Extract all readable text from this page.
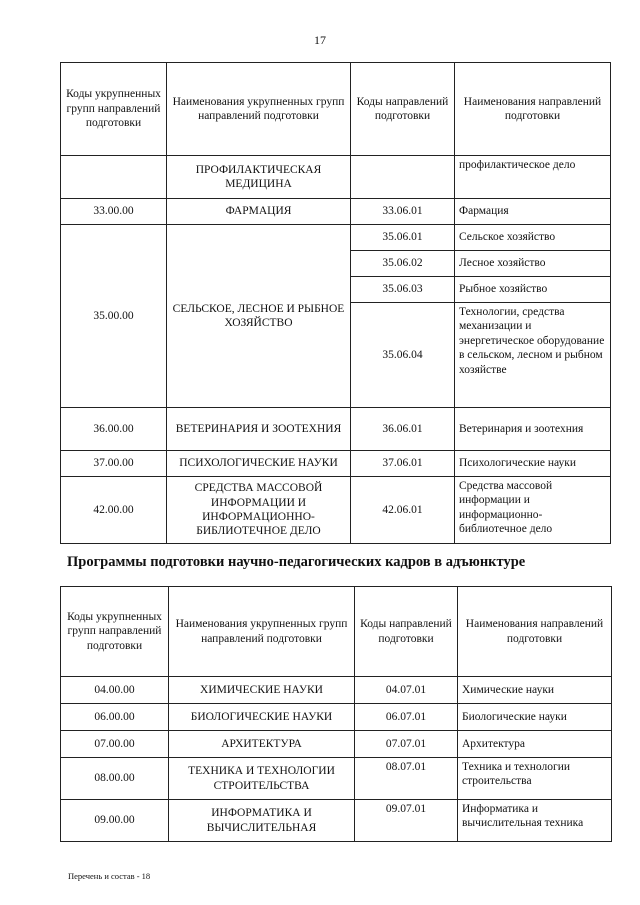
17
Коды укрупненных групп направлений подготовки	Наименования укрупненных групп направлений подготовки	Коды направлений подготовки	Наименования направлений подготовки
	ПРОФИЛАКТИЧЕСКАЯ МЕДИЦИНА		профилактическое дело
33.00.00	ФАРМАЦИЯ	33.06.01	Фармация
35.00.00	СЕЛЬСКОЕ, ЛЕСНОЕ И РЫБНОЕ ХОЗЯЙСТВО	35.06.01	Сельское хозяйство
		35.06.02	Лесное хозяйство
		35.06.03	Рыбное хозяйство
		35.06.04	Технологии, средства механизации и энергетическое оборудование в сельском, лесном и рыбном хозяйстве
36.00.00	ВЕТЕРИНАРИЯ И ЗООТЕХНИЯ	36.06.01	Ветеринария и зоотехния
37.00.00	ПСИХОЛОГИЧЕСКИЕ НАУКИ	37.06.01	Психологические науки
42.00.00	СРЕДСТВА МАССОВОЙ ИНФОРМАЦИИ И ИНФОРМАЦИОННО-БИБЛИОТЕЧНОЕ ДЕЛО	42.06.01	Средства массовой информации и информационно-библиотечное дело
Программы подготовки научно-педагогических кадров в адъюнктуре
Коды укрупненных групп направлений подготовки	Наименования укрупненных групп направлений подготовки	Коды направлений подготовки	Наименования направлений подготовки
04.00.00	ХИМИЧЕСКИЕ НАУКИ	04.07.01	Химические науки
06.00.00	БИОЛОГИЧЕСКИЕ НАУКИ	06.07.01	Биологические науки
07.00.00	АРХИТЕКТУРА	07.07.01	Архитектура
08.00.00	ТЕХНИКА И ТЕХНОЛОГИИ СТРОИТЕЛЬСТВА	08.07.01	Техника и технологии строительства
09.00.00	ИНФОРМАТИКА И ВЫЧИСЛИТЕЛЬНАЯ	09.07.01	Информатика и вычислительная техника
Перечень и состав - 18
